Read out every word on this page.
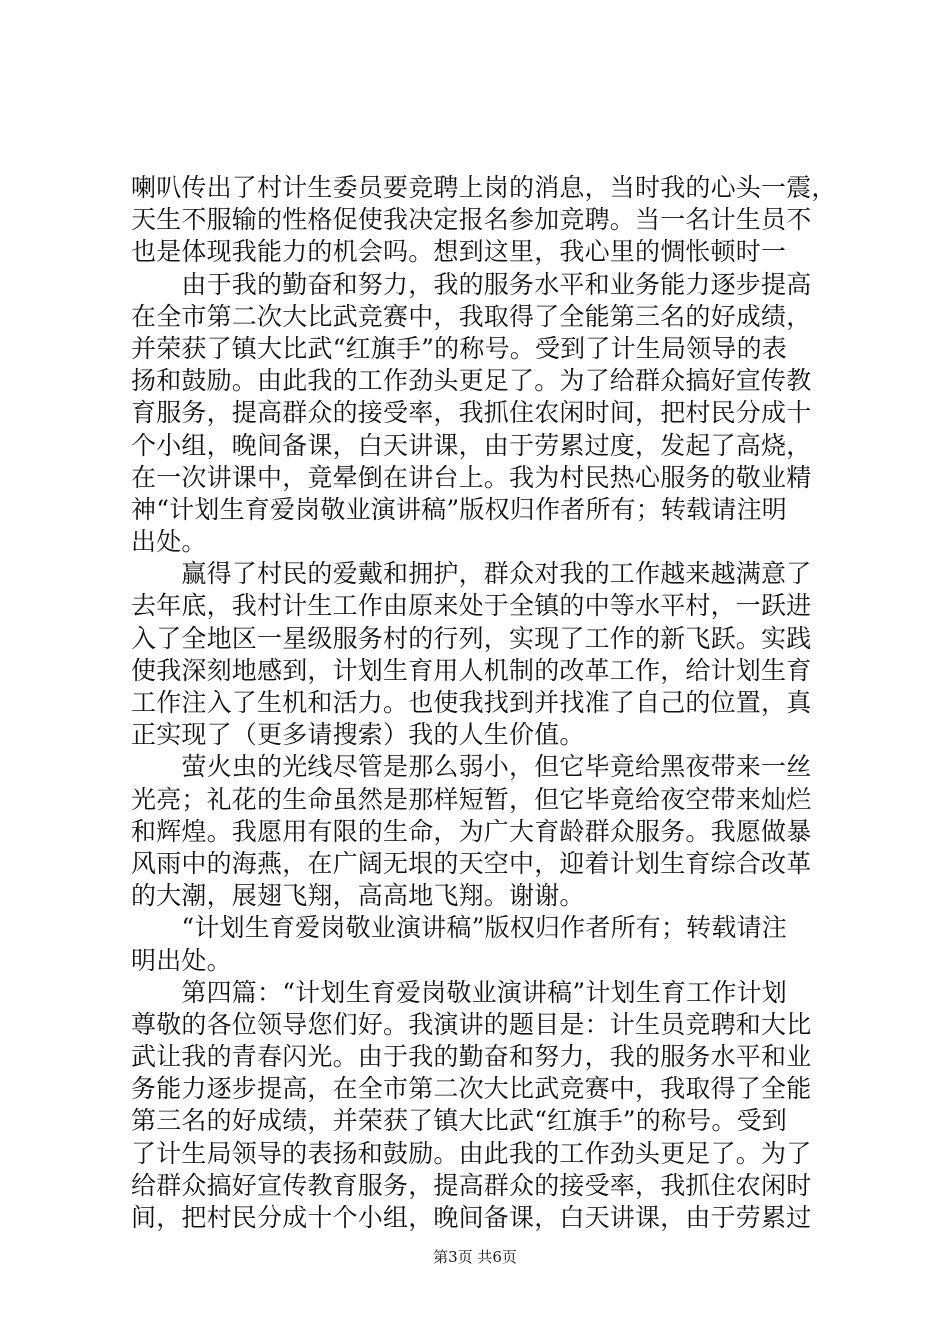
喇叭传出了村计生委员要竞聘上岗的消息，当时我的心头一震，
天生不服输的性格促使我决定报名参加竞聘。当一名计生员不
也是体现我能力的机会吗。想到这里，我心里的惆怅顿时一
　　由于我的勤奋和努力，我的服务水平和业务能力逐步提高
在全市第二次大比武竞赛中，我取得了全能第三名的好成绩，
并荣获了镇大比武“红旗手”的称号。受到了计生局领导的表
扬和鼓励。由此我的工作劲头更足了。为了给群众搞好宣传教
育服务，提高群众的接受率，我抓住农闲时间，把村民分成十
个小组，晚间备课，白天讲课，由于劳累过度，发起了高烧，
在一次讲课中，竟晕倒在讲台上。我为村民热心服务的敬业精
神“计划生育爱岗敬业演讲稿”版权归作者所有；转载请注明
出处。
　　赢得了村民的爱戴和拥护，群众对我的工作越来越满意了
去年底，我村计生工作由原来处于全镇的中等水平村，一跃进
入了全地区一星级服务村的行列，实现了工作的新飞跃。实践
使我深刻地感到，计划生育用人机制的改革工作，给计划生育
工作注入了生机和活力。也使我找到并找准了自己的位置，真
正实现了（更多请搜索）我的人生价值。
　　萤火虫的光线尽管是那么弱小，但它毕竟给黑夜带来一丝
光亮；礼花的生命虽然是那样短暂，但它毕竟给夜空带来灿烂
和辉煌。我愿用有限的生命，为广大育龄群众服务。我愿做暴
风雨中的海燕，在广阔无垠的天空中，迎着计划生育综合改革
的大潮，展翅飞翔，高高地飞翔。谢谢。
　　“计划生育爱岗敬业演讲稿”版权归作者所有；转载请注
明出处。
　　第四篇：“计划生育爱岗敬业演讲稿”计划生育工作计划
尊敬的各位领导您们好。我演讲的题目是：计生员竞聘和大比
武让我的青春闪光。由于我的勤奋和努力，我的服务水平和业
务能力逐步提高，在全市第二次大比武竞赛中，我取得了全能
第三名的好成绩，并荣获了镇大比武“红旗手”的称号。受到
了计生局领导的表扬和鼓励。由此我的工作劲头更足了。为了
给群众搞好宣传教育服务，提高群众的接受率，我抓住农闲时
间，把村民分成十个小组，晚间备课，白天讲课，由于劳累过
第3页 共6页
